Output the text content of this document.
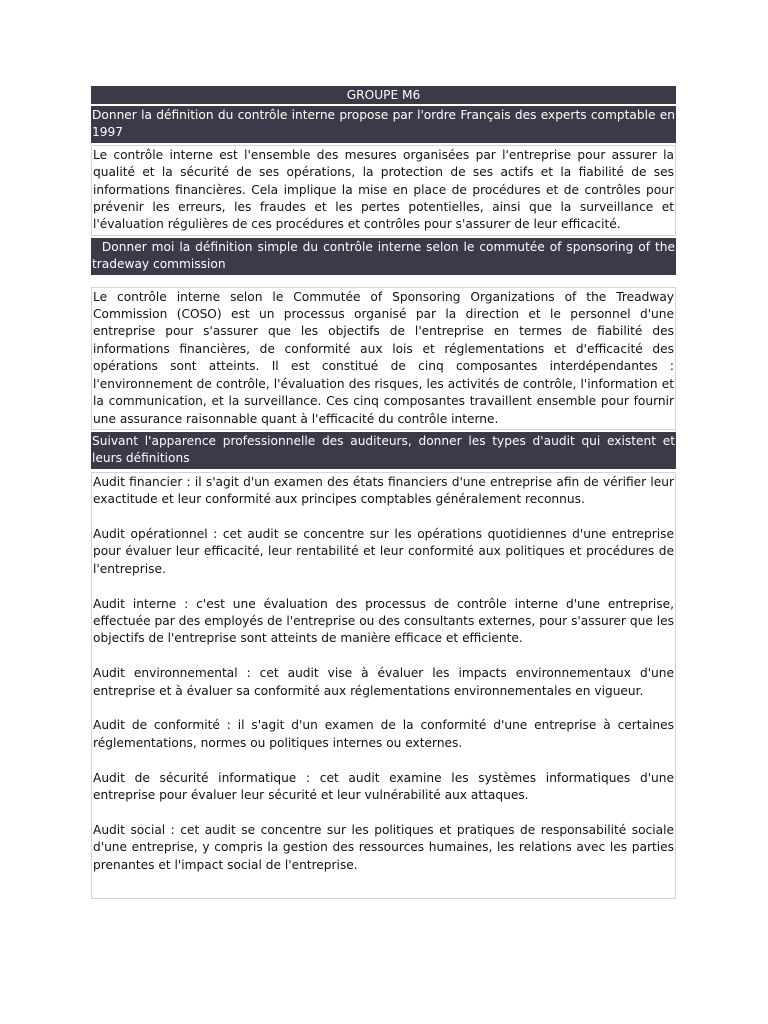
GROUPE M6
Donner la définition du contrôle interne propose par l'ordre Français des experts comptable en 1997
Le contrôle interne est l'ensemble des mesures organisées par l'entreprise pour assurer la qualité et la sécurité de ses opérations, la protection de ses actifs et la fiabilité de ses informations financières. Cela implique la mise en place de procédures et de contrôles pour prévenir les erreurs, les fraudes et les pertes potentielles, ainsi que la surveillance et l'évaluation régulières de ces procédures et contrôles pour s'assurer de leur efficacité.
Donner moi la définition simple du contrôle interne selon le commutée of sponsoring of the tradeway commission
Le contrôle interne selon le Commutée of Sponsoring Organizations of the Treadway Commission (COSO) est un processus organisé par la direction et le personnel d'une entreprise pour s'assurer que les objectifs de l'entreprise en termes de fiabilité des informations financières, de conformité aux lois et réglementations et d'efficacité des opérations sont atteints. Il est constitué de cinq composantes interdépendantes : l'environnement de contrôle, l'évaluation des risques, les activités de contrôle, l'information et la communication, et la surveillance. Ces cinq composantes travaillent ensemble pour fournir une assurance raisonnable quant à l'efficacité du contrôle interne.
Suivant l'apparence professionnelle des auditeurs, donner les types d'audit qui existent et leurs définitions

Audit financier : il s'agit d'un examen des états financiers d'une entreprise afin de vérifier leur exactitude et leur conformité aux principes comptables généralement reconnus.

Audit opérationnel : cet audit se concentre sur les opérations quotidiennes d'une entreprise pour évaluer leur efficacité, leur rentabilité et leur conformité aux politiques et procédures de l'entreprise.

Audit interne : c'est une évaluation des processus de contrôle interne d'une entreprise, effectuée par des employés de l'entreprise ou des consultants externes, pour s'assurer que les objectifs de l'entreprise sont atteints de manière efficace et efficiente.

Audit environnemental : cet audit vise à évaluer les impacts environnementaux d'une entreprise et à évaluer sa conformité aux réglementations environnementales en vigueur.

Audit de conformité : il s'agit d'un examen de la conformité d'une entreprise à certaines réglementations, normes ou politiques internes ou externes.

Audit de sécurité informatique : cet audit examine les systèmes informatiques d'une entreprise pour évaluer leur sécurité et leur vulnérabilité aux attaques.

Audit social : cet audit se concentre sur les politiques et pratiques de responsabilité sociale d'une entreprise, y compris la gestion des ressources humaines, les relations avec les parties prenantes et l'impact social de l'entreprise.
